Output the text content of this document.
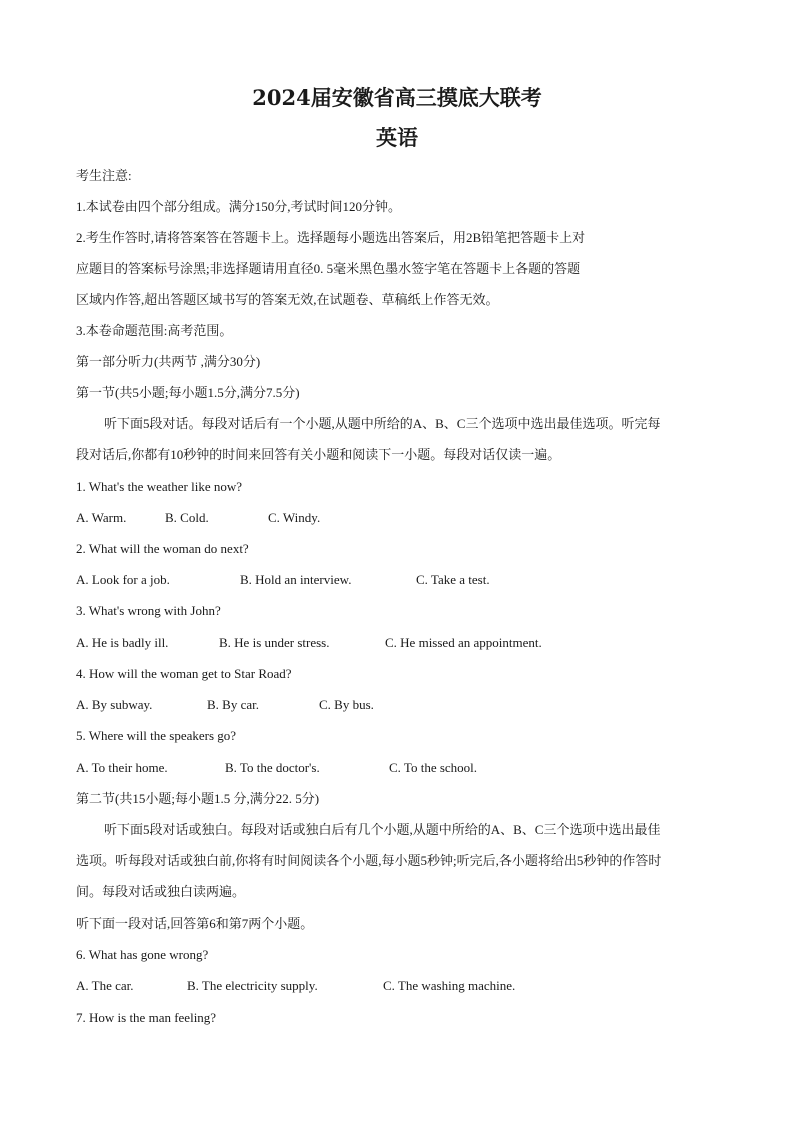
2024届安徽省高三摸底大联考
英语

考生注意:

1.本试卷由四个部分组成。满分150分,考试时间120分钟。

2.考生作答时,请将答案答在答题卡上。选择题每小题选出答案后，用2B铅笔把答题卡上对

应题目的答案标号涂黑;非选择题请用直径0. 5毫米黑色墨水签字笔在答题卡上各题的答题

区域内作答,超出答题区域书写的答案无效,在试题卷、草稿纸上作答无效。

3.本卷命题范围:高考范围。

第一部分听力(共两节 ,满分30分)

第一节(共5小题;每小题1.5分,满分7.5分)

听下面5段对话。每段对话后有一个小题,从题中所给的A、B、C三个选项中选出最佳选项。听完每

段对话后,你都有10秒钟的时间来回答有关小题和阅读下一小题。每段对话仅读一遍。

1. What's the weather like now?

A. Warm.	B. Cold.	C. Windy.

2. What will the woman do next?

A. Look for a job.	B. Hold an interview.	C. Take a test.

3. What's wrong with John?

A. He is badly ill.	B. He is under stress.	C. He missed an appointment.

4. How will the woman get to Star Road?

A. By subway.	B. By car.	C. By bus.

5. Where will the speakers go?

A. To their home.	B. To the doctor's.	C. To the school.

第二节(共15小题;每小题1.5 分,满分22. 5分)

听下面5段对话或独白。每段对话或独白后有几个小题,从题中所给的A、B、C三个选项中选出最佳

选项。听每段对话或独白前,你将有时间阅读各个小题,每小题5秒钟;听完后,各小题将给出5秒钟的作答时

间。每段对话或独白读两遍。

听下面一段对话,回答第6和第7两个小题。

6. What has gone wrong?

A. The car.	B. The electricity supply.	C. The washing machine.

7. How is the man feeling?
